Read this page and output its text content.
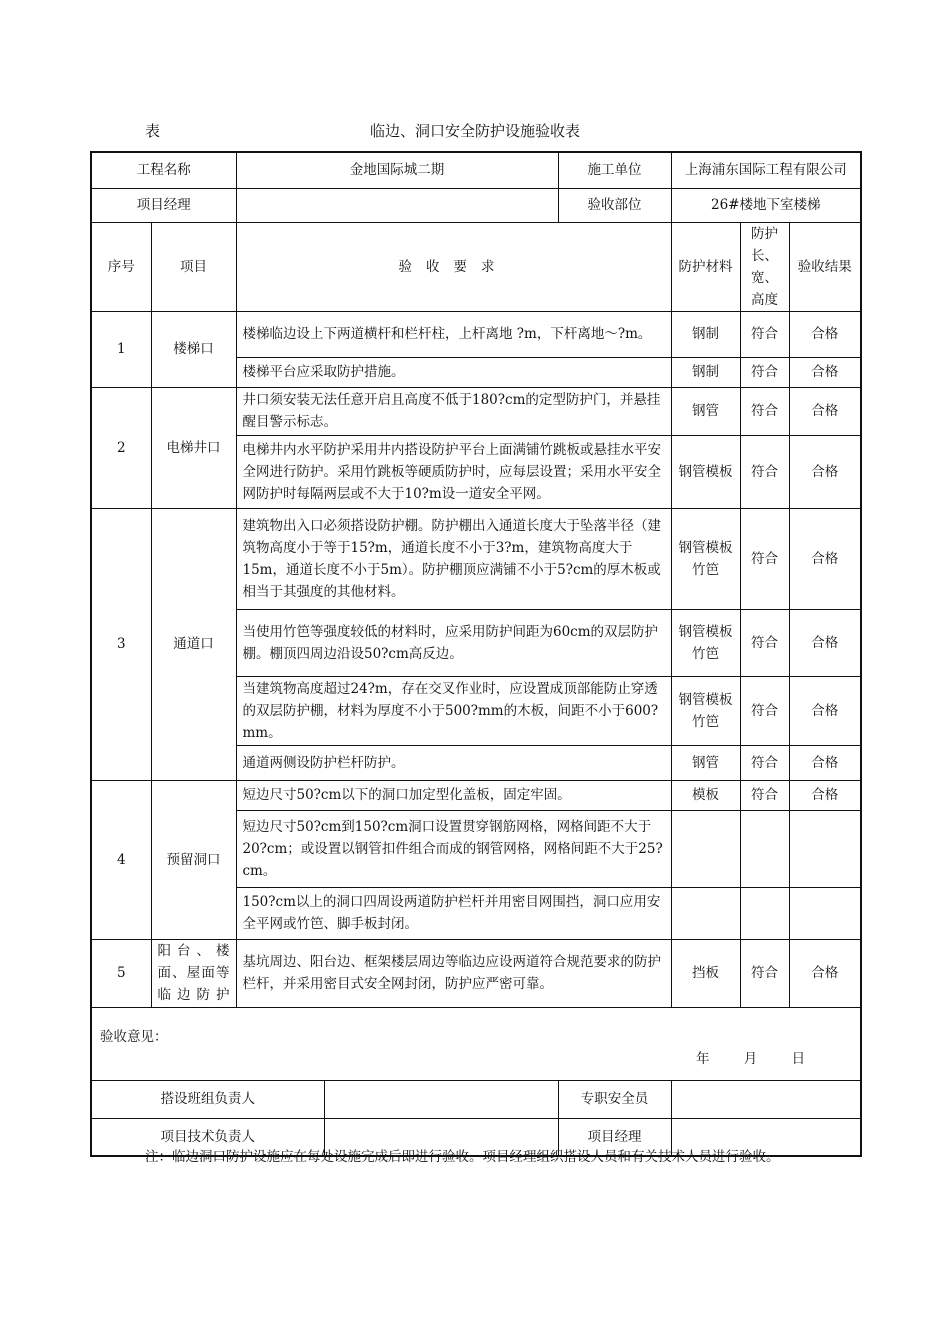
表	临边、洞口安全防护设施验收表
工程名称		金地国际城二期		施工单位	上海浦东国际工程有限公司		
项目经理				验收部位	26#楼地下室楼梯		
序号	项目	验收要求			防护材料	防护长、宽、高度	验收结果
1	楼梯口	楼梯临边设上下两道横杆和栏杆柱，上杆离地 ?m，下杆离地～?m。			钢制	符合	合格
		楼梯平台应采取防护措施。			钢制	符合	合格
2	电梯井口	井口须安装无法任意开启且高度不低于180?cm的定型防护门，并悬挂醒目警示标志。			钢管	符合	合格
		电梯井内水平防护采用井内搭设防护平台上面满铺竹跳板或悬挂水平安全网进行防护。采用竹跳板等硬质防护时，应每层设置；采用水平安全网防护时每隔两层或不大于10?m设一道安全平网。			钢管模板	符合	合格
3	通道口	建筑物出入口必须搭设防护棚。防护棚出入通道长度大于坠落半径（建筑物高度小于等于15?m，通道长度不小于3?m，建筑物高度大于15m，通道长度不小于5m）。防护棚顶应满铺不小于5?cm的厚木板或相当于其强度的其他材料。			钢管模板竹笆	符合	合格
		当使用竹笆等强度较低的材料时，应采用防护间距为60cm的双层防护棚。棚顶四周边沿设50?cm高反边。			钢管模板竹笆	符合	合格
		当建筑物高度超过24?m，存在交叉作业时，应设置成顶部能防止穿透的双层防护棚，材料为厚度不小于500?mm的木板，间距不小于600?mm。			钢管模板竹笆	符合	合格
		通道两侧设防护栏杆防护。			钢管	符合	合格
4	预留洞口	短边尺寸50?cm以下的洞口加定型化盖板，固定牢固。			模板	符合	合格
		短边尺寸50?cm到150?cm洞口设置贯穿钢筋网格，网格间距不大于20?cm；或设置以钢管扣件组合而成的钢管网格，网格间距不大于25?cm。					
		150?cm以上的洞口四周设两道防护栏杆并用密目网围挡，洞口应用安全平网或竹笆、脚手板封闭。					
5	阳台、楼面、屋面等临边防护	基坑周边、阳台边、框架楼层周边等临边应设两道符合规范要求的防护栏杆，并采用密目式安全网封闭，防护应严密可靠。			挡板	符合	合格

验收意见：
年 月 日							

搭设班组负责人				专职安全员			
项目技术负责人				项目经理			
注：临边洞口防护设施应在每处设施完成后即进行验收。项目经理组织搭设人员和有关技术人员进行验收。
